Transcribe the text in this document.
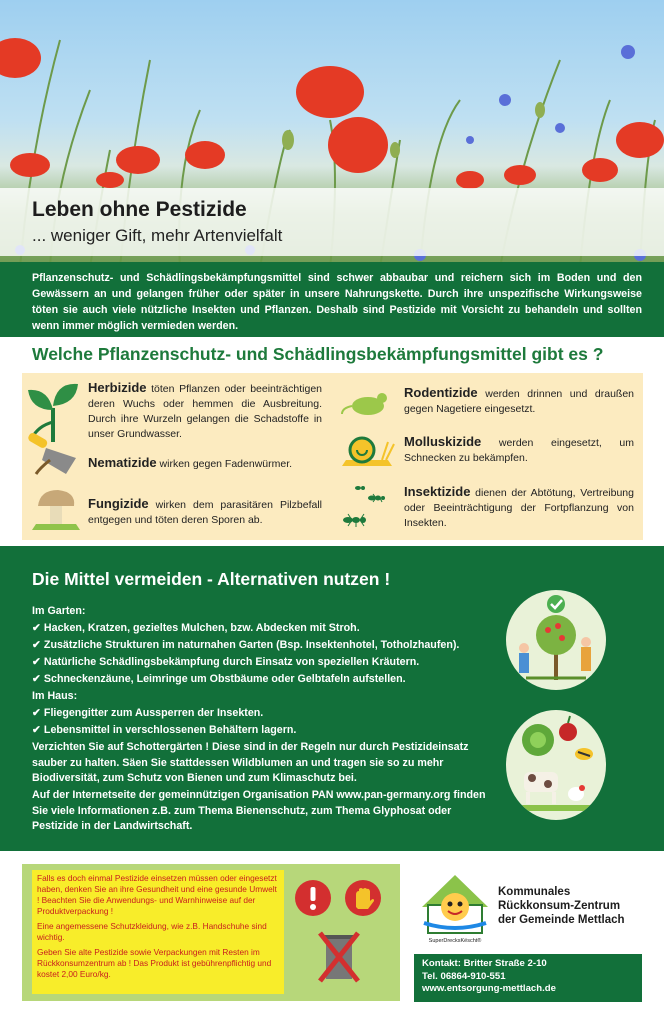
Leben ohne Pestizide
... weniger Gift, mehr Artenvielfalt

Pflanzenschutz- und Schädlingsbekämpfungsmittel sind schwer abbaubar und reichern sich im Boden und den Gewässern an und gelangen früher oder später in unsere Nahrungskette. Durch ihre unspezifische Wirkungsweise töten sie auch viele nützliche Insekten und Pflanzen. Deshalb sind Pestizide mit Vorsicht zu behandeln und sollten wenn immer möglich vermieden werden.

Welche Pflanzenschutz- und Schädlingsbekämpfungsmittel gibt es ?
Herbizide töten Pflanzen oder beeinträchtigen deren Wuchs oder hemmen die Ausbreitung. Durch ihre Wurzeln gelangen die Schadstoffe in unser Grundwasser.
Nematizide wirken gegen Fadenwürmer.
Fungizide wirken dem parasitären Pilzbefall entgegen und töten deren Sporen ab.
Rodentizide werden drinnen und draußen gegen Nagetiere eingesetzt.
Molluskizide werden eingesetzt, um Schnecken zu bekämpfen.
Insektizide dienen der Abtötung, Vertreibung oder Beeinträchtigung der Fortpflanzung von Insekten.
Die Mittel vermeiden - Alternativen nutzen !
Im Garten:
✔ Hacken, Kratzen, gezieltes Mulchen, bzw. Abdecken mit Stroh.
✔ Zusätzliche Strukturen im naturnahen Garten (Bsp. Insektenhotel, Totholzhaufen).
✔ Natürliche Schädlingsbekämpfung durch Einsatz von speziellen Kräutern.
✔ Schneckenzäune, Leimringe um Obstbäume oder Gelbtafeln aufstellen.
Im Haus:
✔ Fliegengitter zum Aussperren der Insekten.
✔ Lebensmittel in verschlossenen Behältern lagern.
Verzichten Sie auf Schottergärten ! Diese sind in der Regeln nur durch Pestizideinsatz sauber zu halten. Säen Sie stattdessen Wildblumen an und tragen sie so zu mehr Biodiversität, zum Schutz von Bienen und zum Klimaschutz bei.
Auf der Internetseite der gemeinnützigen Organisation PAN www.pan-germany.org finden Sie viele Informationen z.B. zum Thema Bienenschutz, zum Thema Glyphosat oder Pestizide in der Landwirtschaft.

Falls es doch einmal Pestizide einsetzen müssen oder eingesetzt haben, denken Sie an ihre Gesundheit und eine gesunde Umwelt ! Beachten Sie die Anwendungs- und Warnhinweise auf der Produktverpackung !

Eine angemessene Schutzkleidung, wie z.B. Handschuhe sind wichtig.

Geben Sie alte Pestizide sowie Verpackungen mit Resten im Rückkonsumzentrum ab ! Das Produkt ist gebührenpflichtig und kostet 2,00 Euro/kg.

SuperDrecksKëscht®
Kommunales
Rückkonsum-Zentrum
der Gemeinde Mettlach
Kontakt: Britter Straße 2-10
Tel. 06864-910-551
www.entsorgung-mettlach.de
